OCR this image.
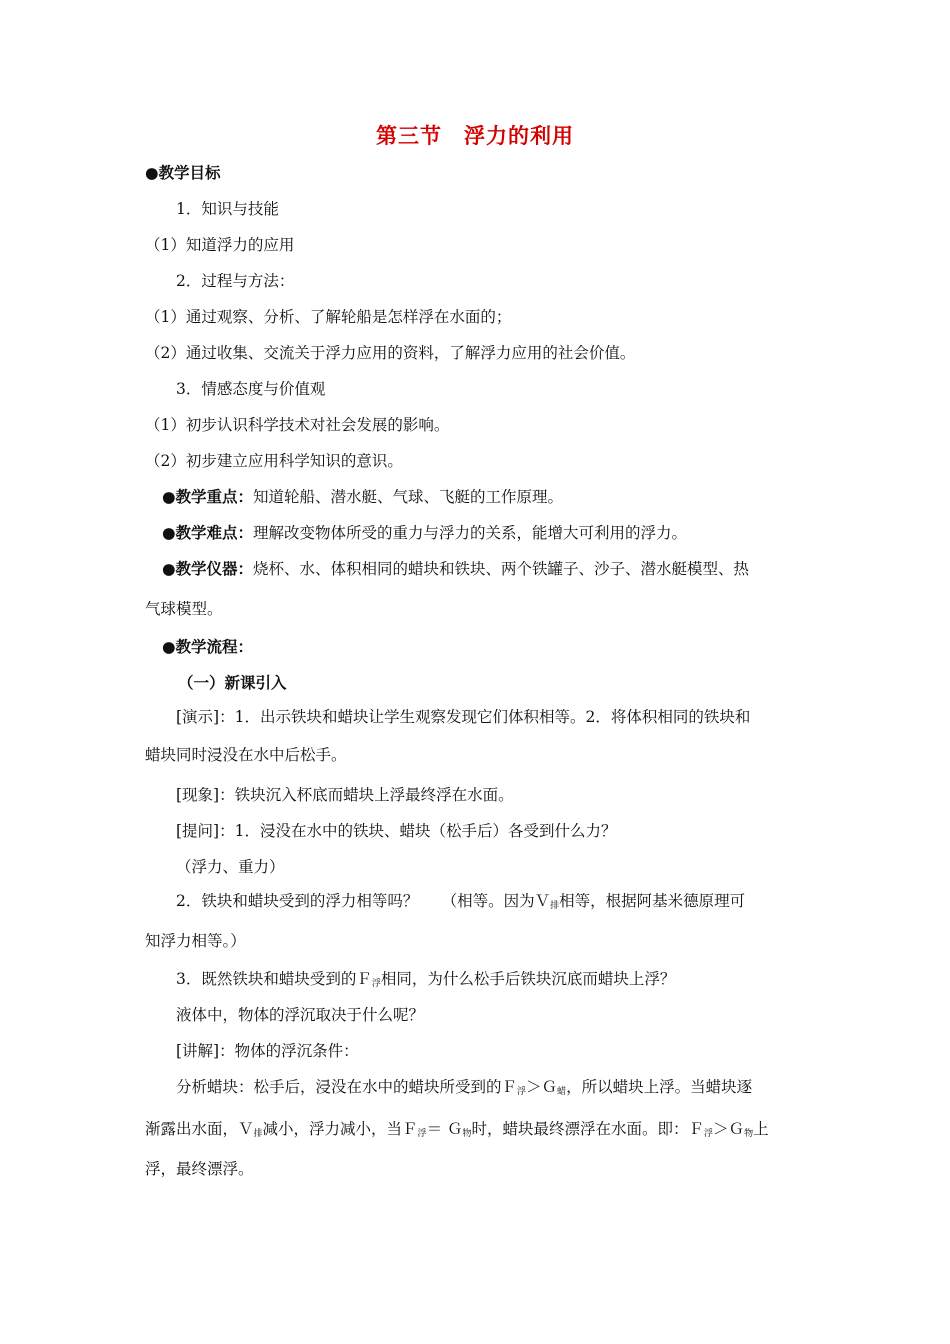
第三节　浮力的利用
●教学目标
1．知识与技能
（1）知道浮力的应用
2．过程与方法：
（1）通过观察、分析、了解轮船是怎样浮在水面的；
（2）通过收集、交流关于浮力应用的资料，了解浮力应用的社会价值。
3．情感态度与价值观
（1）初步认识科学技术对社会发展的影响。
（2）初步建立应用科学知识的意识。
●教学重点：知道轮船、潜水艇、气球、飞艇的工作原理。
●教学难点：理解改变物体所受的重力与浮力的关系，能增大可利用的浮力。
●教学仪器：烧杯、水、体积相同的蜡块和铁块、两个铁罐子、沙子、潜水艇模型、热
气球模型。
●教学流程：
（一）新课引入
[演示]：1．出示铁块和蜡块让学生观察发现它们体积相等。2．将体积相同的铁块和
蜡块同时浸没在水中后松手。
[现象]：铁块沉入杯底而蜡块上浮最终浮在水面。
[提问]：1．浸没在水中的铁块、蜡块（松手后）各受到什么力？
（浮力、重力）
2．铁块和蜡块受到的浮力相等吗？　　（相等。因为Ｖ$_排$相等，根据阿基米德原理可
知浮力相等。）
3．既然铁块和蜡块受到的Ｆ$_浮$相同，为什么松手后铁块沉底而蜡块上浮？
液体中，物体的浮沉取决于什么呢？
[讲解]：物体的浮沉条件：
分析蜡块：松手后，浸没在水中的蜡块所受到的Ｆ$_浮$＞Ｇ$_蜡$，所以蜡块上浮。当蜡块逐
渐露出水面，Ｖ$_排$减小，浮力减小，当Ｆ$_浮$＝ Ｇ$_物$时，蜡块最终漂浮在水面。即：Ｆ$_浮$＞Ｇ$_物$上
浮，最终漂浮。
